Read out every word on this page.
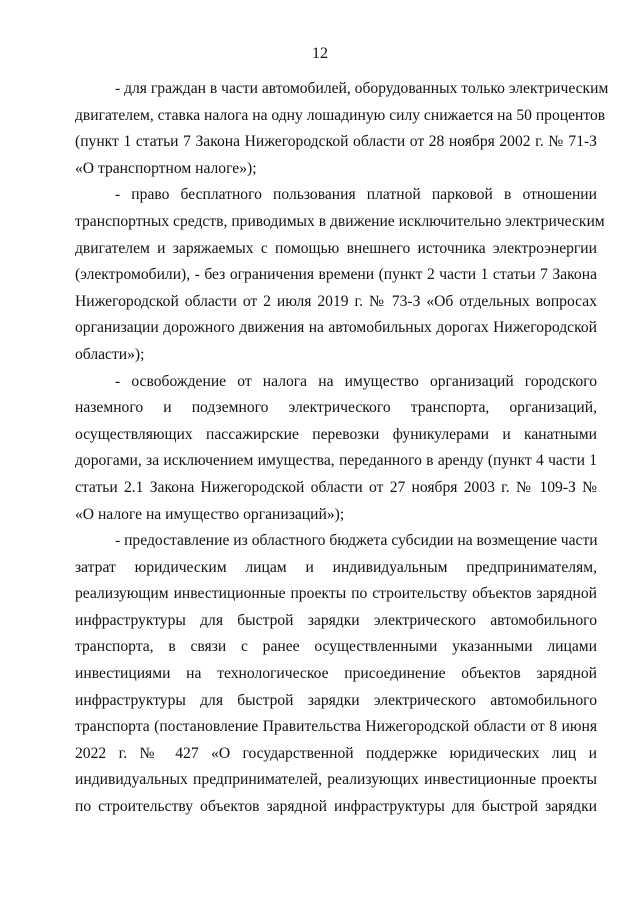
12

- для граждан в части автомобилей, оборудованных только электрическим
двигателем, ставка налога на одну лошадиную силу снижается на 50 процентов
(пункт 1 статьи 7 Закона Нижегородской области от 28 ноября 2002 г. № 71-З
«О транспортном налоге»);

- право бесплатного пользования платной парковой в отношении
транспортных средств, приводимых в движение исключительно электрическим
двигателем и заряжаемых с помощью внешнего источника электроэнергии
(электромобили), - без ограничения времени (пункт 2 части 1 статьи 7 Закона
Нижегородской области от 2 июля 2019 г. № 73-З «Об отдельных вопросах
организации дорожного движения на автомобильных дорогах Нижегородской
области»);

- освобождение от налога на имущество организаций городского
наземного и подземного электрического транспорта, организаций,
осуществляющих пассажирские перевозки фуникулерами и канатными
дорогами, за исключением имущества, переданного в аренду (пункт 4 части 1
статьи 2.1 Закона Нижегородской области от 27 ноября 2003 г. № 109-З №
«О налоге на имущество организаций»);

- предоставление из областного бюджета субсидии на возмещение части
затрат юридическим лицам и индивидуальным предпринимателям,
реализующим инвестиционные проекты по строительству объектов зарядной
инфраструктуры для быстрой зарядки электрического автомобильного
транспорта, в связи с ранее осуществленными указанными лицами
инвестициями на технологическое присоединение объектов зарядной
инфраструктуры для быстрой зарядки электрического автомобильного
транспорта (постановление Правительства Нижегородской области от 8 июня
2022 г. № 427 «О государственной поддержке юридических лиц и
индивидуальных предпринимателей, реализующих инвестиционные проекты
по строительству объектов зарядной инфраструктуры для быстрой зарядки
